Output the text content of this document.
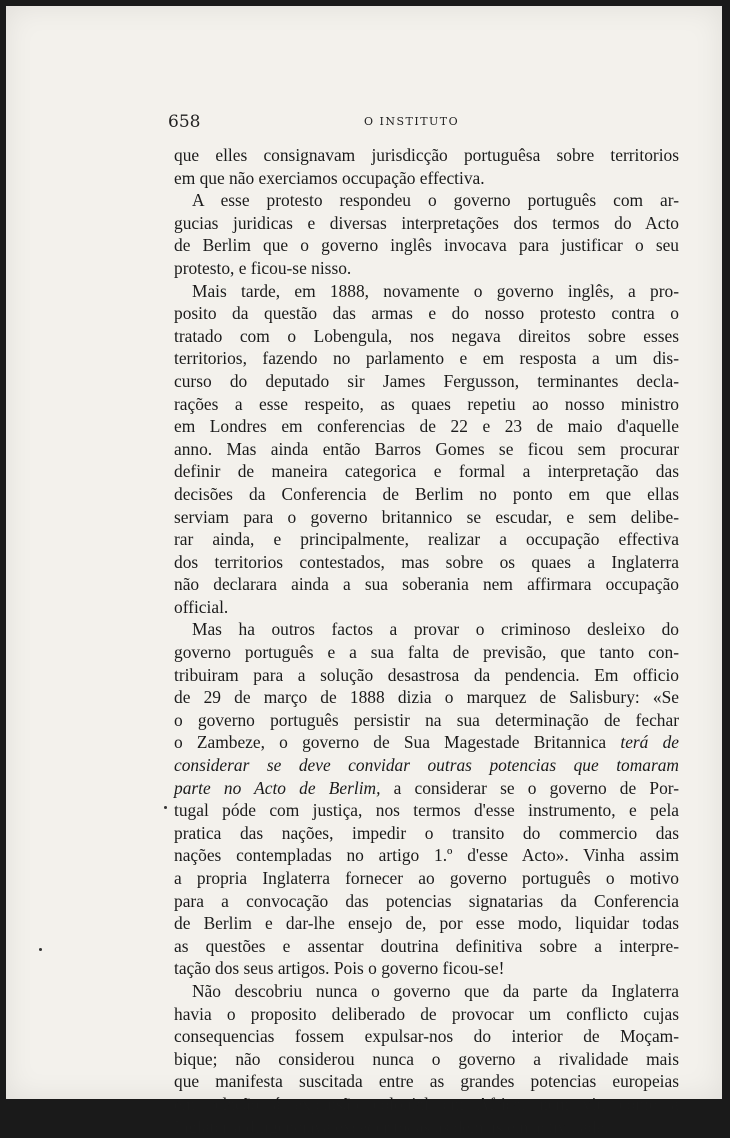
658	O INSTITUTO
que elles consignavam jurisdicção portuguêsa sobre territorios
em que não exerciamos occupação effectiva.
A esse protesto respondeu o governo português com ar-
gucias juridicas e diversas interpretações dos termos do Acto
de Berlim que o governo inglês invocava para justificar o seu
protesto, e ficou-se nisso.
Mais tarde, em 1888, novamente o governo inglês, a pro-
posito da questão das armas e do nosso protesto contra o
tratado com o Lobengula, nos negava direitos sobre esses
territorios, fazendo no parlamento e em resposta a um dis-
curso do deputado sir James Fergusson, terminantes decla-
rações a esse respeito, as quaes repetiu ao nosso ministro
em Londres em conferencias de 22 e 23 de maio d'aquelle
anno. Mas ainda então Barros Gomes se ficou sem procurar
definir de maneira categorica e formal a interpretação das
decisões da Conferencia de Berlim no ponto em que ellas
serviam para o governo britannico se escudar, e sem delibe-
rar ainda, e principalmente, realizar a occupação effectiva
dos territorios contestados, mas sobre os quaes a Inglaterra
não declarara ainda a sua soberania nem affirmara occupação
official.
Mas ha outros factos a provar o criminoso desleixo do
governo português e a sua falta de previsão, que tanto con-
tribuiram para a solução desastrosa da pendencia. Em officio
de 29 de março de 1888 dizia o marquez de Salisbury: «Se
o governo português persistir na sua determinação de fechar
o Zambeze, o governo de Sua Magestade Britannica terá de
considerar se deve convidar outras potencias que tomaram
parte no Acto de Berlim, a considerar se o governo de Por-
tugal póde com justiça, nos termos d'esse instrumento, e pela
pratica das nações, impedir o transito do commercio das
nações contempladas no artigo 1.º d'esse Acto». Vinha assim
a propria Inglaterra fornecer ao governo português o motivo
para a convocação das potencias signatarias da Conferencia
de Berlim e dar-lhe ensejo de, por esse modo, liquidar todas
as questões e assentar doutrina definitiva sobre a interpre-
tação dos seus artigos. Pois o governo ficou-se!
Não descobriu nunca o governo que da parte da Inglaterra
havia o proposito deliberado de provocar um conflicto cujas
consequencias fossem expulsar-nos do interior de Moçam-
bique; não considerou nunca o governo a rivalidade mais
que manifesta suscitada entre as grandes potencias europeias
em relação á expansão colonial em Africa, nem viu como a
Inglaterra diligenciava exceder todas as demais em actividade.
